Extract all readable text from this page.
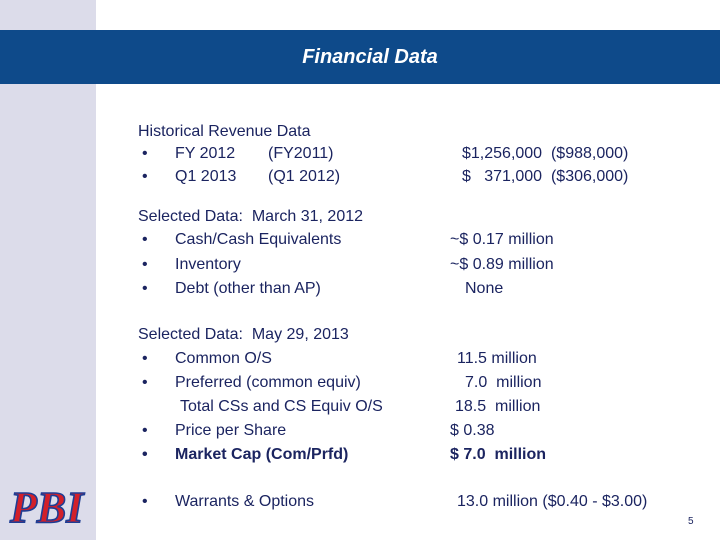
Financial Data
Historical Revenue Data
• FY 2012 (FY2011)	$1,256,000  ($988,000)
• Q1 2013 (Q1 2012)	$   371,000  ($306,000)
Selected Data:  March 31, 2012
• Cash/Cash Equivalents	~$ 0.17 million
• Inventory	~$ 0.89 million
• Debt (other than AP)	None
Selected Data:  May 29, 2013
• Common O/S	11.5 million
• Preferred (common equiv)	7.0  million
Total CSs and CS Equiv O/S	18.5  million
• Price per Share	$ 0.38
• Market Cap (Com/Prfd)	$ 7.0  million
• Warrants & Options	13.0 million ($0.40 - $3.00)
PBI	5
